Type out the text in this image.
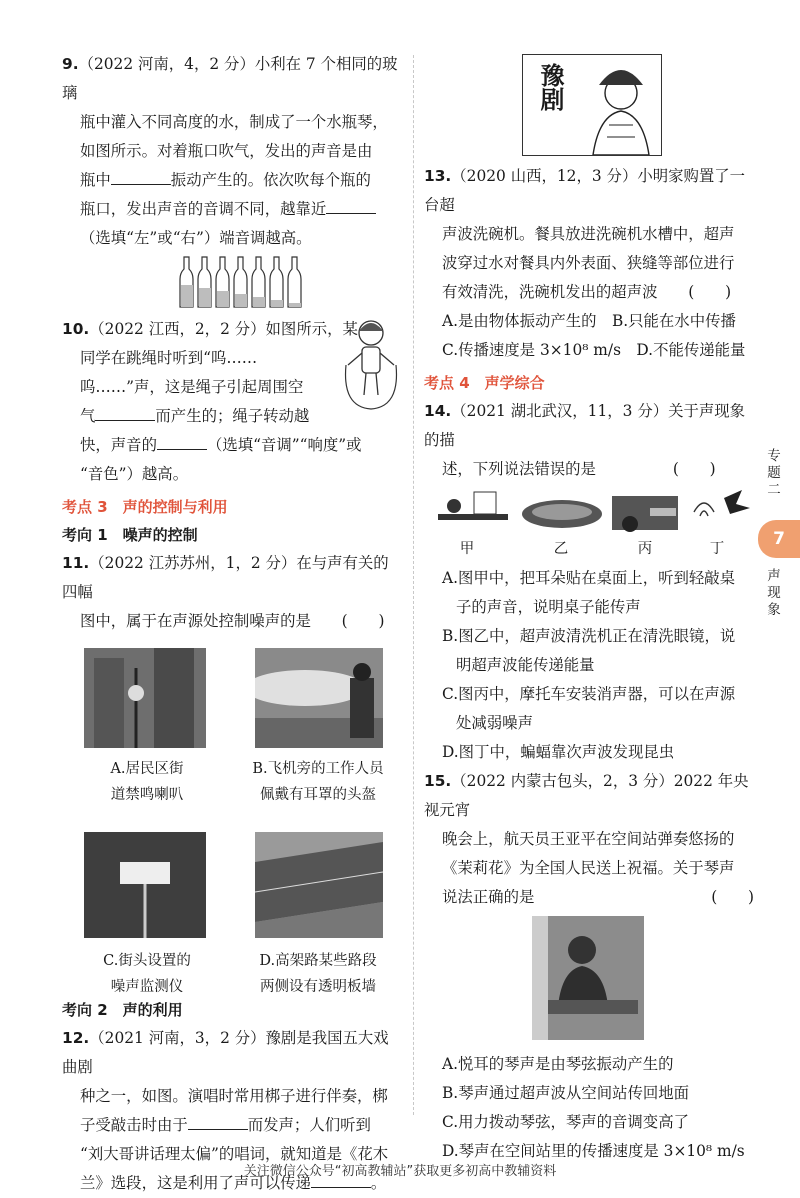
9.（2022 河南，4，2 分）小利在 7 个相同的玻璃

瓶中灌入不同高度的水，制成了一个水瓶琴，

如图所示。对着瓶口吹气，发出的声音是由

瓶中	振动产生的。依次吹每个瓶的

瓶口，发出声音的音调不同，越靠近

（选填“左”或“右”）端音调越高。

10.（2022 江西，2，2 分）如图所示，某

同学在跳绳时听到“呜……

呜……”声，这是绳子引起周围空

气	而产生的；绳子转动越

快，声音的	（选填“音调”“响度”或

“音色”）越高。

考点 3　声的控制与利用

考向 1　噪声的控制

11.（2022 江苏苏州，1，2 分）在与声有关的四幅

图中，属于在声源处控制噪声的是　　 (　　)

A.居民区街
道禁鸣喇叭
B.飞机旁的工作人员
佩戴有耳罩的头盔
C.街头设置的
噪声监测仪
D.高架路某些路段
两侧设有透明板墙

考向 2　声的利用

12.（2021 河南，3，2 分）豫剧是我国五大戏曲剧

种之一，如图。演唱时常用梆子进行伴奏，梆

子受敲击时由于	而发声；人们听到

“刘大哥讲话理太偏”的唱词，就知道是《花木

兰》选段，这是利用了声可以传递	。

豫剧

13.（2020 山西，12，3 分）小明家购置了一台超

声波洗碗机。餐具放进洗碗机水槽中，超声

波穿过水对餐具内外表面、狭缝等部位进行

有效清洗，洗碗机发出的超声波　　 (　　)

A.是由物体振动产生的　 B.只能在水中传播

C.传播速度是 3×10⁸ m/s　 D.不能传递能量

考点 4　声学综合

14.（2021 湖北武汉，11，3 分）关于声现象的描

述，下列说法错误的是　　　　　	(　　)

甲	乙	丙	丁

A.图甲中，把耳朵贴在桌面上，听到轻敲桌

子的声音，说明桌子能传声

B.图乙中，超声波清洗机正在清洗眼镜，说

明超声波能传递能量

C.图丙中，摩托车安装消声器，可以在声源

处减弱噪声

D.图丁中，蝙蝠靠次声波发现昆虫

15.（2022 内蒙古包头，2，3 分）2022 年央视元宵

晚会上，航天员王亚平在空间站弹奏悠扬的

《茉莉花》为全国人民送上祝福。关于琴声

说法正确的是	(　　)

A.悦耳的琴声是由琴弦振动产生的

B.琴声通过超声波从空间站传回地面

C.用力拨动琴弦，琴声的音调变高了

D.琴声在空间站里的传播速度是 3×10⁸ m/s

专题二
7
声现象
关注微信公众号“初高教辅站”获取更多初高中教辅资料
